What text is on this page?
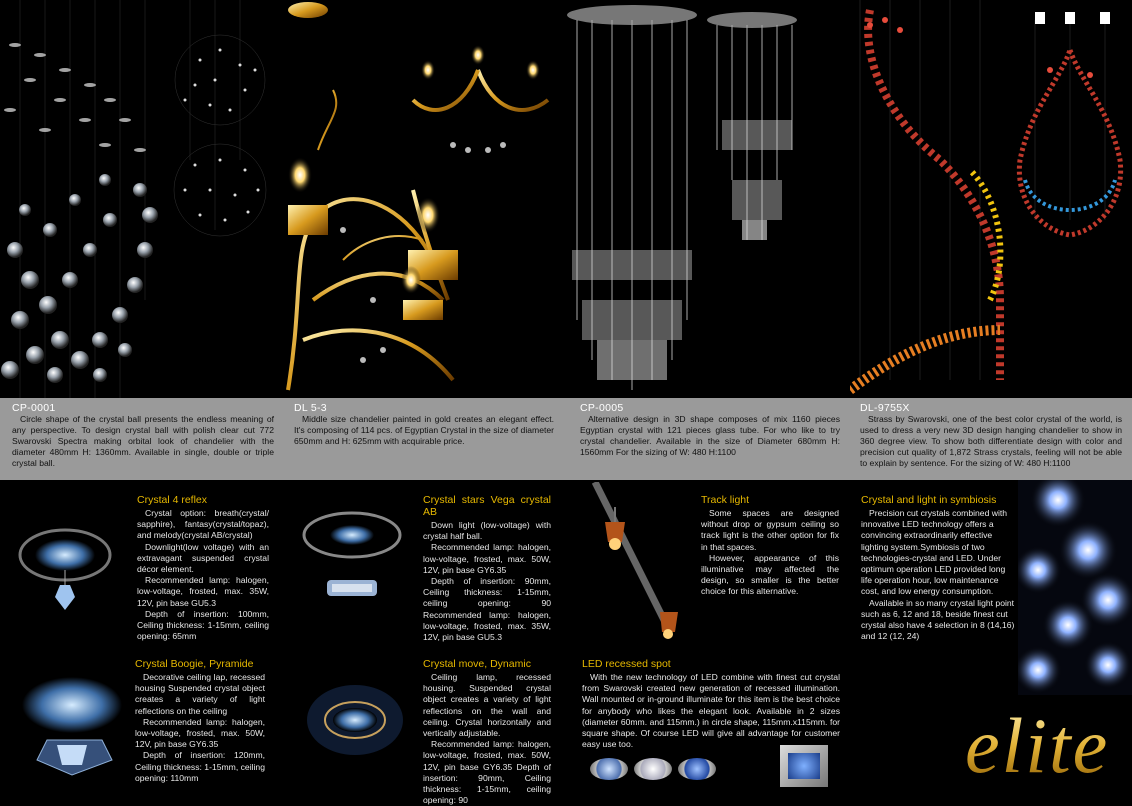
CP-0001

Circle shape of the crystal ball presents the endless meaning of any perspective. To design crystal ball with polish clear cut 772 Swarovski Spectra making orbital look of chandelier with the diameter 480mm H: 1360mm. Available in single, double or triple crystal ball.

DL 5-3

Middle size chandelier painted in gold creates an elegant effect. It's composing of 114 pcs. of Egyptian Crystal in the size of diameter 650mm and H: 625mm with acquirable price.

CP-0005

Alternative design in 3D shape composes of mix 1160 pieces Egyptian crystal with 121 pieces glass tube. For who like to try crystal chandelier. Available in the size of Diameter 680mm H: 1560mm For the sizing of W: 480 H:1100

DL-9755X

Strass by Swarovski, one of the best color crystal of the world, is used to dress a very new 3D design hanging chandelier to show in 360 degree view. To show both differentiate design with color and precision cut quality of 1,872 Strass crystals, feeling will not be able to explain by sentence. For the sizing of W: 480 H:1100

Crystal 4 reflex

Crystal option: breath(crystal/ sapphire), fantasy(crystal/topaz), and melody(crystal AB/crystal)

Downlight(low voltage) with an extravagant suspended crystal décor element.

Recommended lamp: halogen, low-voltage, frosted, max. 35W, 12V, pin base GU5.3

Depth of insertion: 100mm, Ceiling thickness: 1-15mm, ceiling opening: 65mm

Crystal Boogie, Pyramide

Decorative ceiling lap, recessed housing Suspended crystal object creates a variety of light reflections on the ceiling

Recommended lamp: halogen, low-voltage, frosted, max. 50W, 12V, pin base GY6.35

Depth of insertion: 120mm, Ceiling thickness: 1-15mm, ceiling opening: 110mm

Crystal stars Vega crystal AB

Down light (low-voltage) with crystal half ball.

Recommended lamp: halogen, low-voltage, frosted, max. 50W, 12V, pin base GY6.35

Depth of insertion: 90mm, Ceiling thickness: 1-15mm, ceiling opening: 90 Recommended lamp: halogen, low-voltage, frosted, max. 35W, 12V, pin base GU5.3

Crystal move, Dynamic

Ceiling lamp, recessed housing. Suspended crystal object creates a variety of light reflections on the wall and ceiling. Crystal horizontally and vertically adjustable.

Recommended lamp: halogen, low-voltage, frosted, max. 50W, 12V, pin base GY6.35 Depth of insertion: 90mm, Ceiling thickness: 1-15mm, ceiling opening: 90

Track light

Some spaces are designed without drop or gypsum ceiling so track light is the other option for fix in that spaces.

However, appearance of this illuminative may affected the design, so smaller is the better choice for this alternative.

LED recessed spot

With the new technology of LED combine with finest cut crystal from Swarovski created new generation of recessed illumination. Wall mounted or in-ground illuminate for this item is the best choice for anybody who likes the elegant look. Available in 2 sizes (diameter 60mm. and 115mm.) in circle shape, 115mm.x115mm. for square shape. Of course LED will give all advantage for customer easy use too.

Crystal and light in symbiosis

Precision cut crystals combined with innovative LED technology offers a convincing extraordinarily effective lighting system.Symbiosis of two technologies-crystal and LED. Under optimum operation LED provided long life operation hour, low maintenance cost, and low energy consumption.

Available in so many crystal light point such as 6, 12 and 18, beside finest cut crystal also have 4 selection in 8 (14,16) and 12 (12, 24)

elite
